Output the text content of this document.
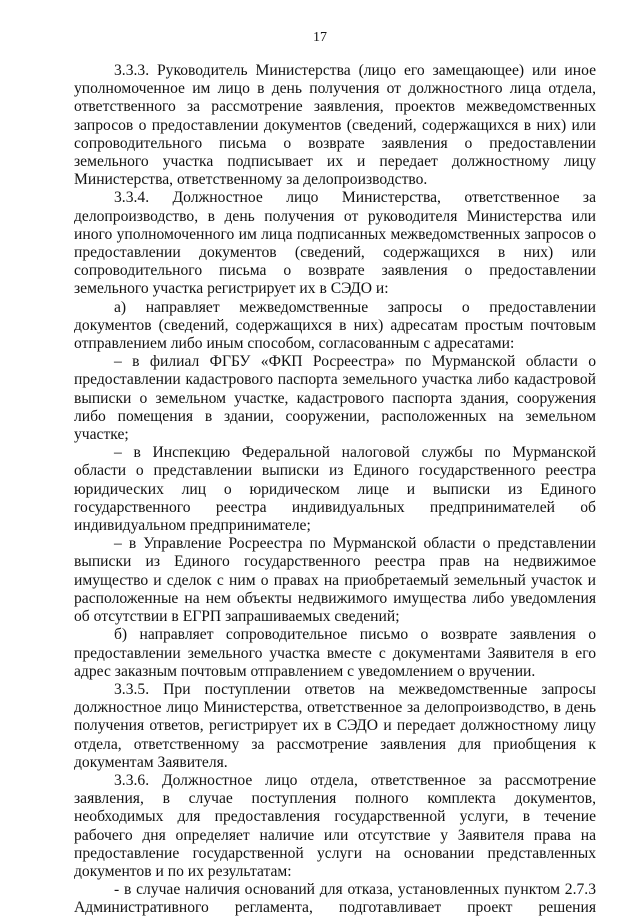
17

3.3.3. Руководитель Министерства (лицо его замещающее) или иное уполномоченное им лицо в день получения от должностного лица отдела, ответственного за рассмотрение заявления, проектов межведомственных запросов о предоставлении документов (сведений, содержащихся в них) или сопроводительного письма о возврате заявления о предоставлении земельного участка подписывает их и передает должностному лицу Министерства, ответственному за делопроизводство.

3.3.4. Должностное лицо Министерства, ответственное за делопроизводство, в день получения от руководителя Министерства или иного уполномоченного им лица подписанных межведомственных запросов о предоставлении документов (сведений, содержащихся в них) или сопроводительного письма о возврате заявления о предоставлении земельного участка регистрирует их в СЭДО и:

а) направляет межведомственные запросы о предоставлении документов (сведений, содержащихся в них) адресатам простым почтовым отправлением либо иным способом, согласованным с адресатами:

– в филиал ФГБУ «ФКП Росреестра» по Мурманской области о предоставлении кадастрового паспорта земельного участка либо кадастровой выписки о земельном участке, кадастрового паспорта здания, сооружения либо помещения в здании, сооружении, расположенных на земельном участке;

– в Инспекцию Федеральной налоговой службы по Мурманской области о представлении выписки из Единого государственного реестра юридических лиц о юридическом лице и выписки из Единого государственного реестра индивидуальных предпринимателей об индивидуальном предпринимателе;

– в Управление Росреестра по Мурманской области о представлении выписки из Единого государственного реестра прав на недвижимое имущество и сделок с ним о правах на приобретаемый земельный участок и расположенные на нем объекты недвижимого имущества либо уведомления об отсутствии в ЕГРП запрашиваемых сведений;

б) направляет сопроводительное письмо о возврате заявления о предоставлении земельного участка вместе с документами Заявителя в его адрес заказным почтовым отправлением с уведомлением о вручении.

3.3.5. При поступлении ответов на межведомственные запросы должностное лицо Министерства, ответственное за делопроизводство, в день получения ответов, регистрирует их в СЭДО и передает должностному лицу отдела, ответственному за рассмотрение заявления для приобщения к документам Заявителя.

3.3.6. Должностное лицо отдела, ответственное за рассмотрение заявления, в случае поступления полного комплекта документов, необходимых для предоставления государственной услуги, в течение рабочего дня определяет наличие или отсутствие у Заявителя права на предоставление государственной услуги на основании представленных документов и по их результатам:

- в случае наличия оснований для отказа, установленных пунктом 2.7.3 Административного регламента, подготавливает проект решения
